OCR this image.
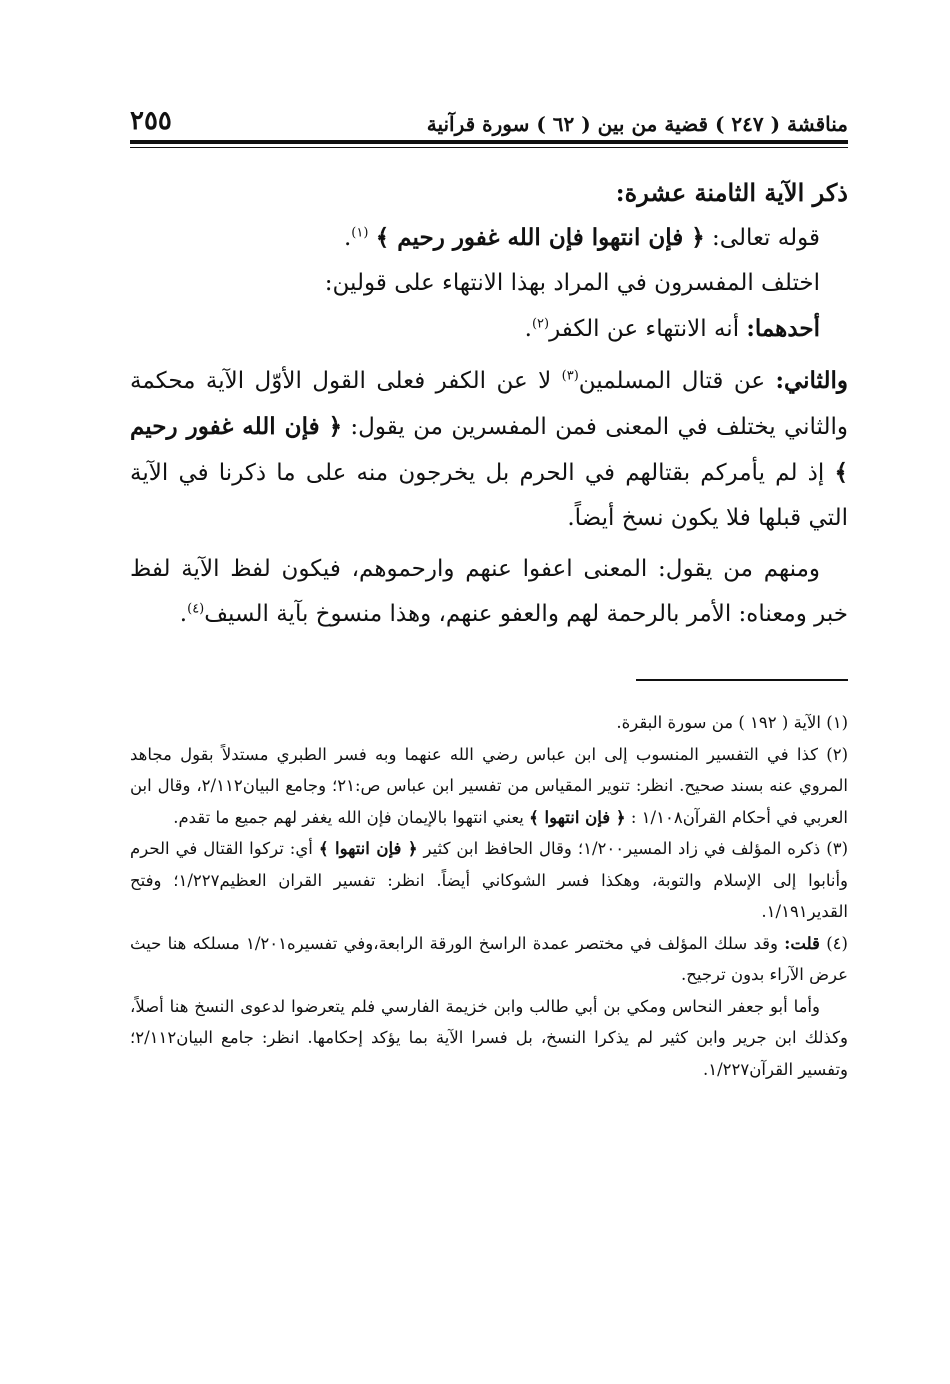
مناقشة ( ٢٤٧ ) قضية من بين ( ٦٢ ) سورة قرآنية
٢٥٥

ذكر الآية الثامنة عشرة:

قوله تعالى: ﴿ فإن انتهوا فإن الله غفور رحيم ﴾ $^{(١)}$.

اختلف المفسرون في المراد بهذا الانتهاء على قولين:

أحدهما: أنه الانتهاء عن الكفر$^{(٢)}$.

والثاني: عن قتال المسلمين$^{(٣)}$ لا عن الكفر فعلى القول الأوّل الآية محكمة والثاني يختلف في المعنى فمن المفسرين من يقول: ﴿ فإن الله غفور رحيم ﴾ إذ لم يأمركم بقتالهم في الحرم بل يخرجون منه على ما ذكرنا في الآية التي قبلها فلا يكون نسخ أيضاً.

ومنهم من يقول: المعنى اعفوا عنهم وارحموهم، فيكون لفظ الآية لفظ خبر ومعناه: الأمر بالرحمة لهم والعفو عنهم، وهذا منسوخ بآية السيف$^{(٤)}$.

(١) الآية ( ١٩٢ ) من سورة البقرة.

(٢) كذا في التفسير المنسوب إلى ابن عباس رضي الله عنهما وبه فسر الطبري مستدلاً بقول مجاهد المروي عنه بسند صحيح. انظر: تنوير المقياس من تفسير ابن عباس ص:٢١؛ وجامع البيان٢/١١٢، وقال ابن العربي في أحكام القرآن١/١٠٨ : ﴿ فإن انتهوا ﴾ يعني انتهوا بالإيمان فإن الله يغفر لهم جميع ما تقدم.

(٣) ذكره المؤلف في زاد المسير١/٢٠٠؛ وقال الحافظ ابن كثير ﴿ فإن انتهوا ﴾ أي: تركوا القتال في الحرم وأنابوا إلى الإسلام والتوبة، وهكذا فسر الشوكاني أيضاً. انظر: تفسير القران العظيم١/٢٢٧؛ وفتح القدير١/١٩١.

(٤) قلت: وقد سلك المؤلف في مختصر عمدة الراسخ الورقة الرابعة،وفي تفسيره١/٢٠١ مسلكه هنا حيث عرض الآراء بدون ترجيح.

وأما أبو جعفر النحاس ومكي بن أبي طالب وابن خزيمة الفارسي فلم يتعرضوا لدعوى النسخ هنا أصلاً، وكذلك ابن جرير وابن كثير لم يذكرا النسخ، بل فسرا الآية بما يؤكد إحكامها. انظر: جامع البيان٢/١١٢؛ وتفسير القرآن١/٢٢٧.
